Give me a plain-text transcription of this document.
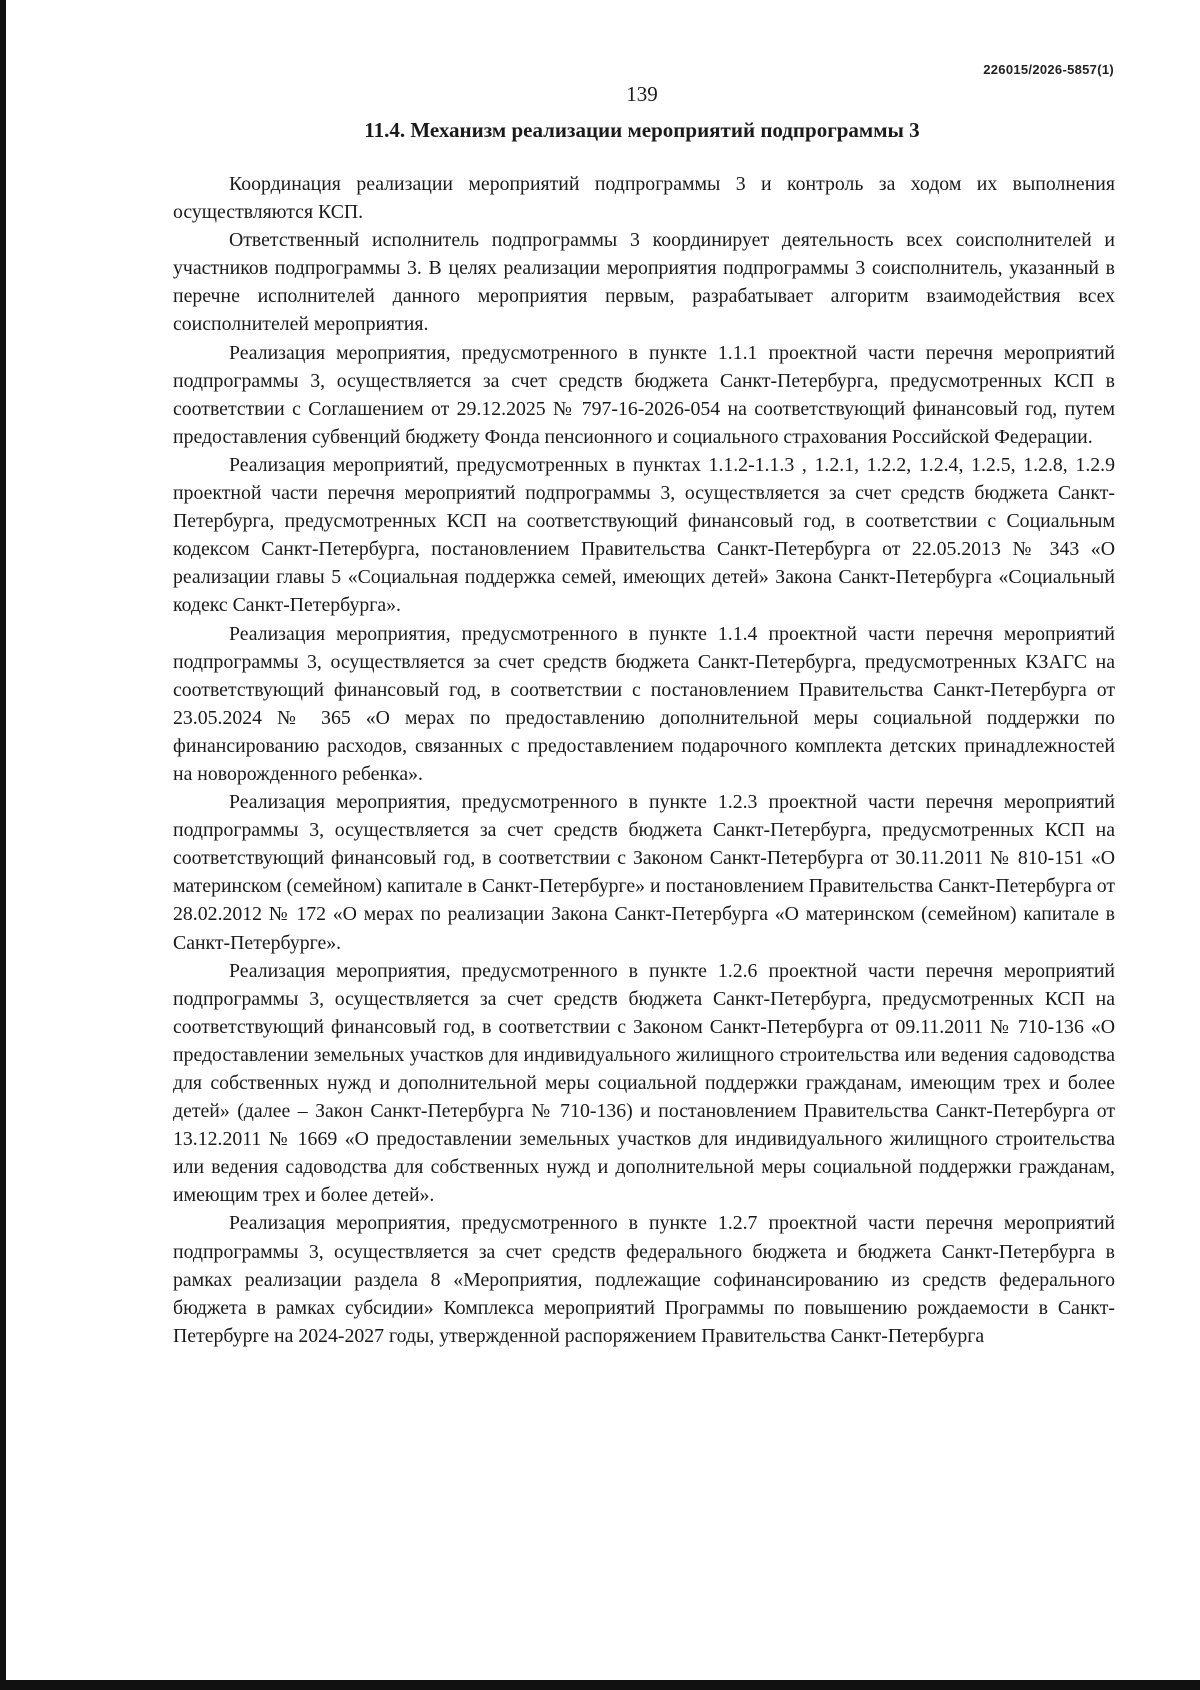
226015/2026-5857(1)
139
11.4. Механизм реализации мероприятий подпрограммы 3

Координация реализации мероприятий подпрограммы 3 и контроль за ходом их выполнения осуществляются КСП.

Ответственный исполнитель подпрограммы 3 координирует деятельность всех соисполнителей и участников подпрограммы 3. В целях реализации мероприятия подпрограммы 3 соисполнитель, указанный в перечне исполнителей данного мероприятия первым, разрабатывает алгоритм взаимодействия всех соисполнителей мероприятия.

Реализация мероприятия, предусмотренного в пункте 1.1.1 проектной части перечня мероприятий подпрограммы 3, осуществляется за счет средств бюджета Санкт-Петербурга, предусмотренных КСП в соответствии с Соглашением от 29.12.2025 № 797-16-2026-054 на соответствующий финансовый год, путем предоставления субвенций бюджету Фонда пенсионного и социального страхования Российской Федерации.

Реализация мероприятий, предусмотренных в пунктах 1.1.2-1.1.3 , 1.2.1, 1.2.2, 1.2.4, 1.2.5, 1.2.8, 1.2.9 проектной части перечня мероприятий подпрограммы 3, осуществляется за счет средств бюджета Санкт-Петербурга, предусмотренных КСП на соответствующий финансовый год, в соответствии с Социальным кодексом Санкт-Петербурга, постановлением Правительства Санкт-Петербурга от 22.05.2013 № 343 «О реализации главы 5 «Социальная поддержка семей, имеющих детей» Закона Санкт-Петербурга «Социальный кодекс Санкт-Петербурга».

Реализация мероприятия, предусмотренного в пункте 1.1.4 проектной части перечня мероприятий подпрограммы 3, осуществляется за счет средств бюджета Санкт-Петербурга, предусмотренных КЗАГС на соответствующий финансовый год, в соответствии с постановлением Правительства Санкт-Петербурга от 23.05.2024 № 365 «О мерах по предоставлению дополнительной меры социальной поддержки по финансированию расходов, связанных с предоставлением подарочного комплекта детских принадлежностей на новорожденного ребенка».

Реализация мероприятия, предусмотренного в пункте 1.2.3 проектной части перечня мероприятий подпрограммы 3, осуществляется за счет средств бюджета Санкт-Петербурга, предусмотренных КСП на соответствующий финансовый год, в соответствии с Законом Санкт-Петербурга от 30.11.2011 № 810-151 «О материнском (семейном) капитале в Санкт-Петербурге» и постановлением Правительства Санкт-Петербурга от 28.02.2012 № 172 «О мерах по реализации Закона Санкт-Петербурга «О материнском (семейном) капитале в Санкт-Петербурге».

Реализация мероприятия, предусмотренного в пункте 1.2.6 проектной части перечня мероприятий подпрограммы 3, осуществляется за счет средств бюджета Санкт-Петербурга, предусмотренных КСП на соответствующий финансовый год, в соответствии с Законом Санкт-Петербурга от 09.11.2011 № 710-136 «О предоставлении земельных участков для индивидуального жилищного строительства или ведения садоводства для собственных нужд и дополнительной меры социальной поддержки гражданам, имеющим трех и более детей» (далее – Закон Санкт-Петербурга № 710-136) и постановлением Правительства Санкт-Петербурга от 13.12.2011 № 1669 «О предоставлении земельных участков для индивидуального жилищного строительства или ведения садоводства для собственных нужд и дополнительной меры социальной поддержки гражданам, имеющим трех и более детей».

Реализация мероприятия, предусмотренного в пункте 1.2.7 проектной части перечня мероприятий подпрограммы 3, осуществляется за счет средств федерального бюджета и бюджета Санкт-Петербурга в рамках реализации раздела 8 «Мероприятия, подлежащие софинансированию из средств федерального бюджета в рамках субсидии» Комплекса мероприятий Программы по повышению рождаемости в Санкт-Петербурге на 2024-2027 годы, утвержденной распоряжением Правительства Санкт-Петербурга
